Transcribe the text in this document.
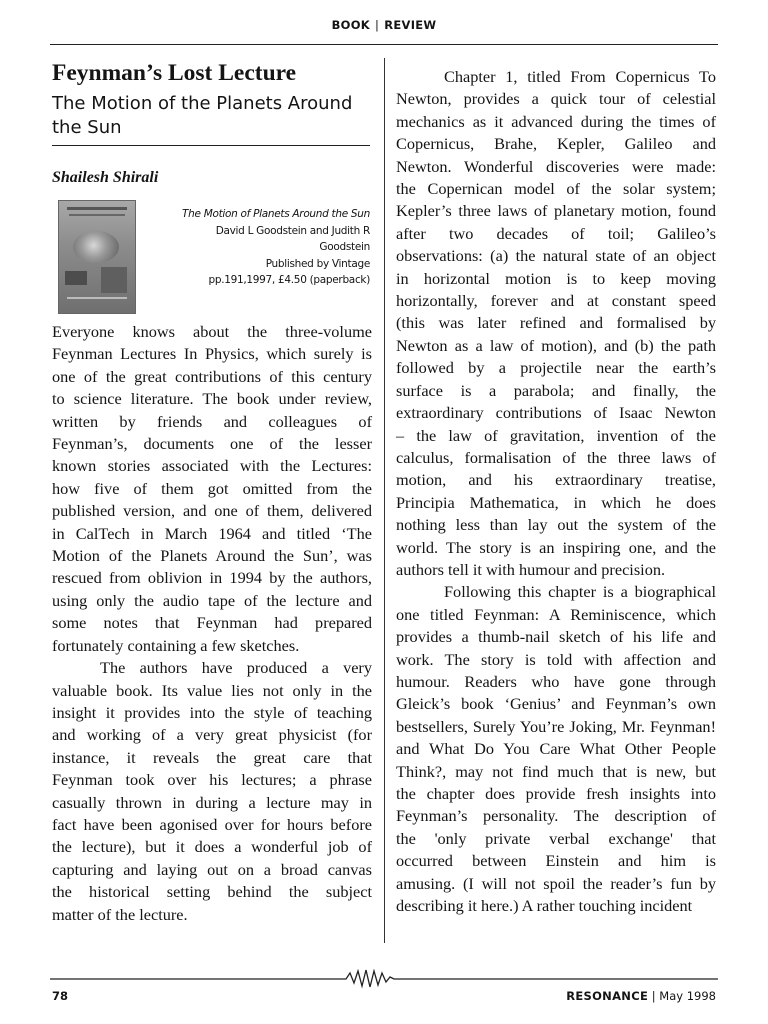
BOOK | REVIEW
Feynman’s Lost Lecture
The Motion of the Planets Around the Sun
Shailesh Shirali
The Motion of Planets Around the Sun
David L Goodstein and Judith R
Goodstein
Published by Vintage
pp.191,1997, £4.50 (paperback)
Everyone knows about the three-volume
Feynman Lectures In Physics, which surely is
one of the great contributions of this century
to science literature. The book under review,
written by friends and colleagues of
Feynman’s, documents one of the lesser
known stories associated with the Lectures:
how five of them got omitted from the
published version, and one of them, delivered
in CalTech in March 1964 and titled ‘The
Motion of the Planets Around the Sun’, was
rescued from oblivion in 1994 by the authors,
using only the audio tape of the lecture and
some notes that Feynman had prepared
fortunately containing a few sketches.
The authors have produced a very
valuable book. Its value lies not only in the
insight it provides into the style of teaching
and working of a very great physicist (for
instance, it reveals the great care that
Feynman took over his lectures; a phrase
casually thrown in during a lecture may in
fact have been agonised over for hours before
the lecture), but it does a wonderful job of
capturing and laying out on a broad canvas
the historical setting behind the subject
matter of the lecture.
Chapter 1, titled From Copernicus To
Newton, provides a quick tour of celestial
mechanics as it advanced during the times of
Copernicus, Brahe, Kepler, Galileo and
Newton. Wonderful discoveries were made:
the Copernican model of the solar system;
Kepler’s three laws of planetary motion, found
after two decades of toil; Galileo’s
observations: (a) the natural state of an object
in horizontal motion is to keep moving
horizontally, forever and at constant speed
(this was later refined and formalised by
Newton as a law of motion), and (b) the path
followed by a projectile near the earth’s
surface is a parabola; and finally, the
extraordinary contributions of Isaac Newton
– the law of gravitation, invention of the
calculus, formalisation of the three laws of
motion, and his extraordinary treatise,
Principia Mathematica, in which he does
nothing less than lay out the system of the
world. The story is an inspiring one, and the
authors tell it with humour and precision.
Following this chapter is a biographical
one titled Feynman: A Reminiscence, which
provides a thumb-nail sketch of his life and
work. The story is told with affection and
humour. Readers who have gone through
Gleick’s book ‘Genius’ and Feynman’s own
bestsellers, Surely You’re Joking, Mr. Feynman!
and What Do You Care What Other People
Think?, may not find much that is new, but
the chapter does provide fresh insights into
Feynman’s personality. The description of
the 'only private verbal exchange' that
occurred between Einstein and him is
amusing. (I will not spoil the reader’s fun by
describing it here.) A rather touching incident
78	RESONANCE | May 1998
